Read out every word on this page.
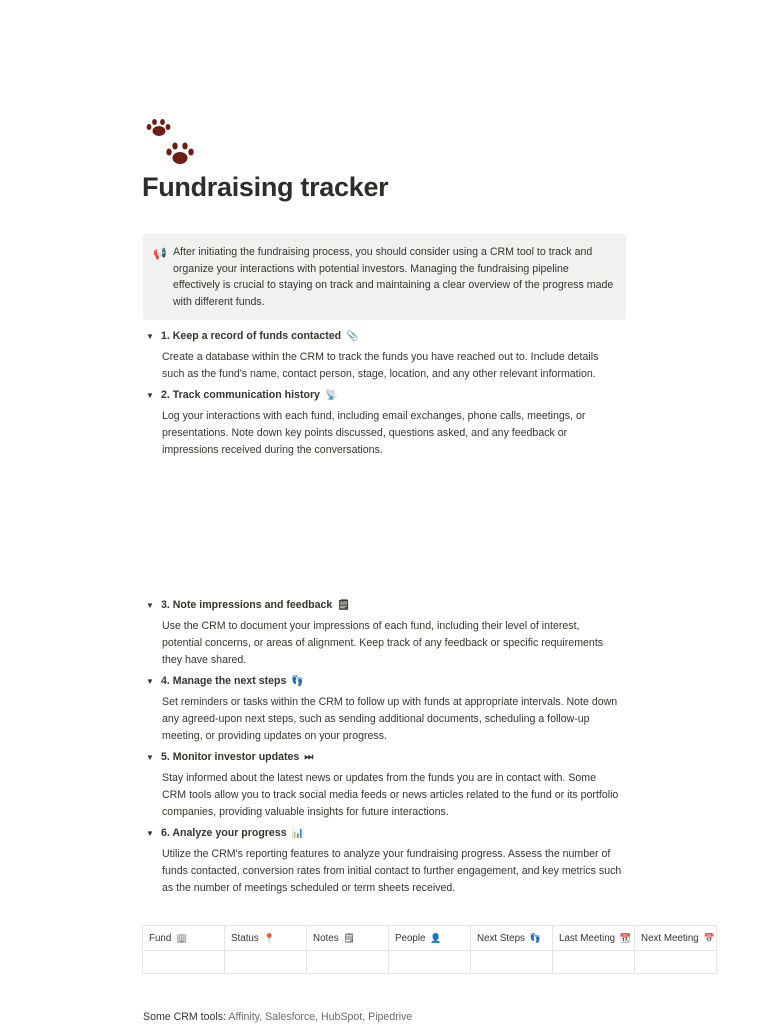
Fundraising tracker
📢 After initiating the fundraising process, you should consider using a CRM tool to track and organize your interactions with potential investors. Managing the fundraising pipeline effectively is crucial to staying on track and maintaining a clear overview of the progress made with different funds.

▼ 1. Keep a record of funds contacted 📎
Create a database within the CRM to track the funds you have reached out to. Include details such as the fund's name, contact person, stage, location, and any other relevant information.
▼ 2. Track communication history 📡
Log your interactions with each fund, including email exchanges, phone calls, meetings, or presentations. Note down key points discussed, questions asked, and any feedback or impressions received during the conversations.
▼ 3. Note impressions and feedback 🗒
Use the CRM to document your impressions of each fund, including their level of interest, potential concerns, or areas of alignment. Keep track of any feedback or specific requirements they have shared.
▼ 4. Manage the next steps 👣
Set reminders or tasks within the CRM to follow up with funds at appropriate intervals. Note down any agreed-upon next steps, such as sending additional documents, scheduling a follow-up meeting, or providing updates on your progress.
▼ 5. Monitor investor updates ⏭
Stay informed about the latest news or updates from the funds you are in contact with. Some CRM tools allow you to track social media feeds or news articles related to the fund or its portfolio companies, providing valuable insights for future interactions.
▼ 6. Analyze your progress 📊
Utilize the CRM's reporting features to analyze your fundraising progress. Assess the number of funds contacted, conversion rates from initial contact to further engagement, and key metrics such as the number of meetings scheduled or term sheets received.
Fund 🏢	Status 📍	Notes 🗒	People 👤	Next Steps 👣	Last Meeting 📆	Next Meeting 📅

Some CRM tools: Affinity, Salesforce, HubSpot, Pipedrive
